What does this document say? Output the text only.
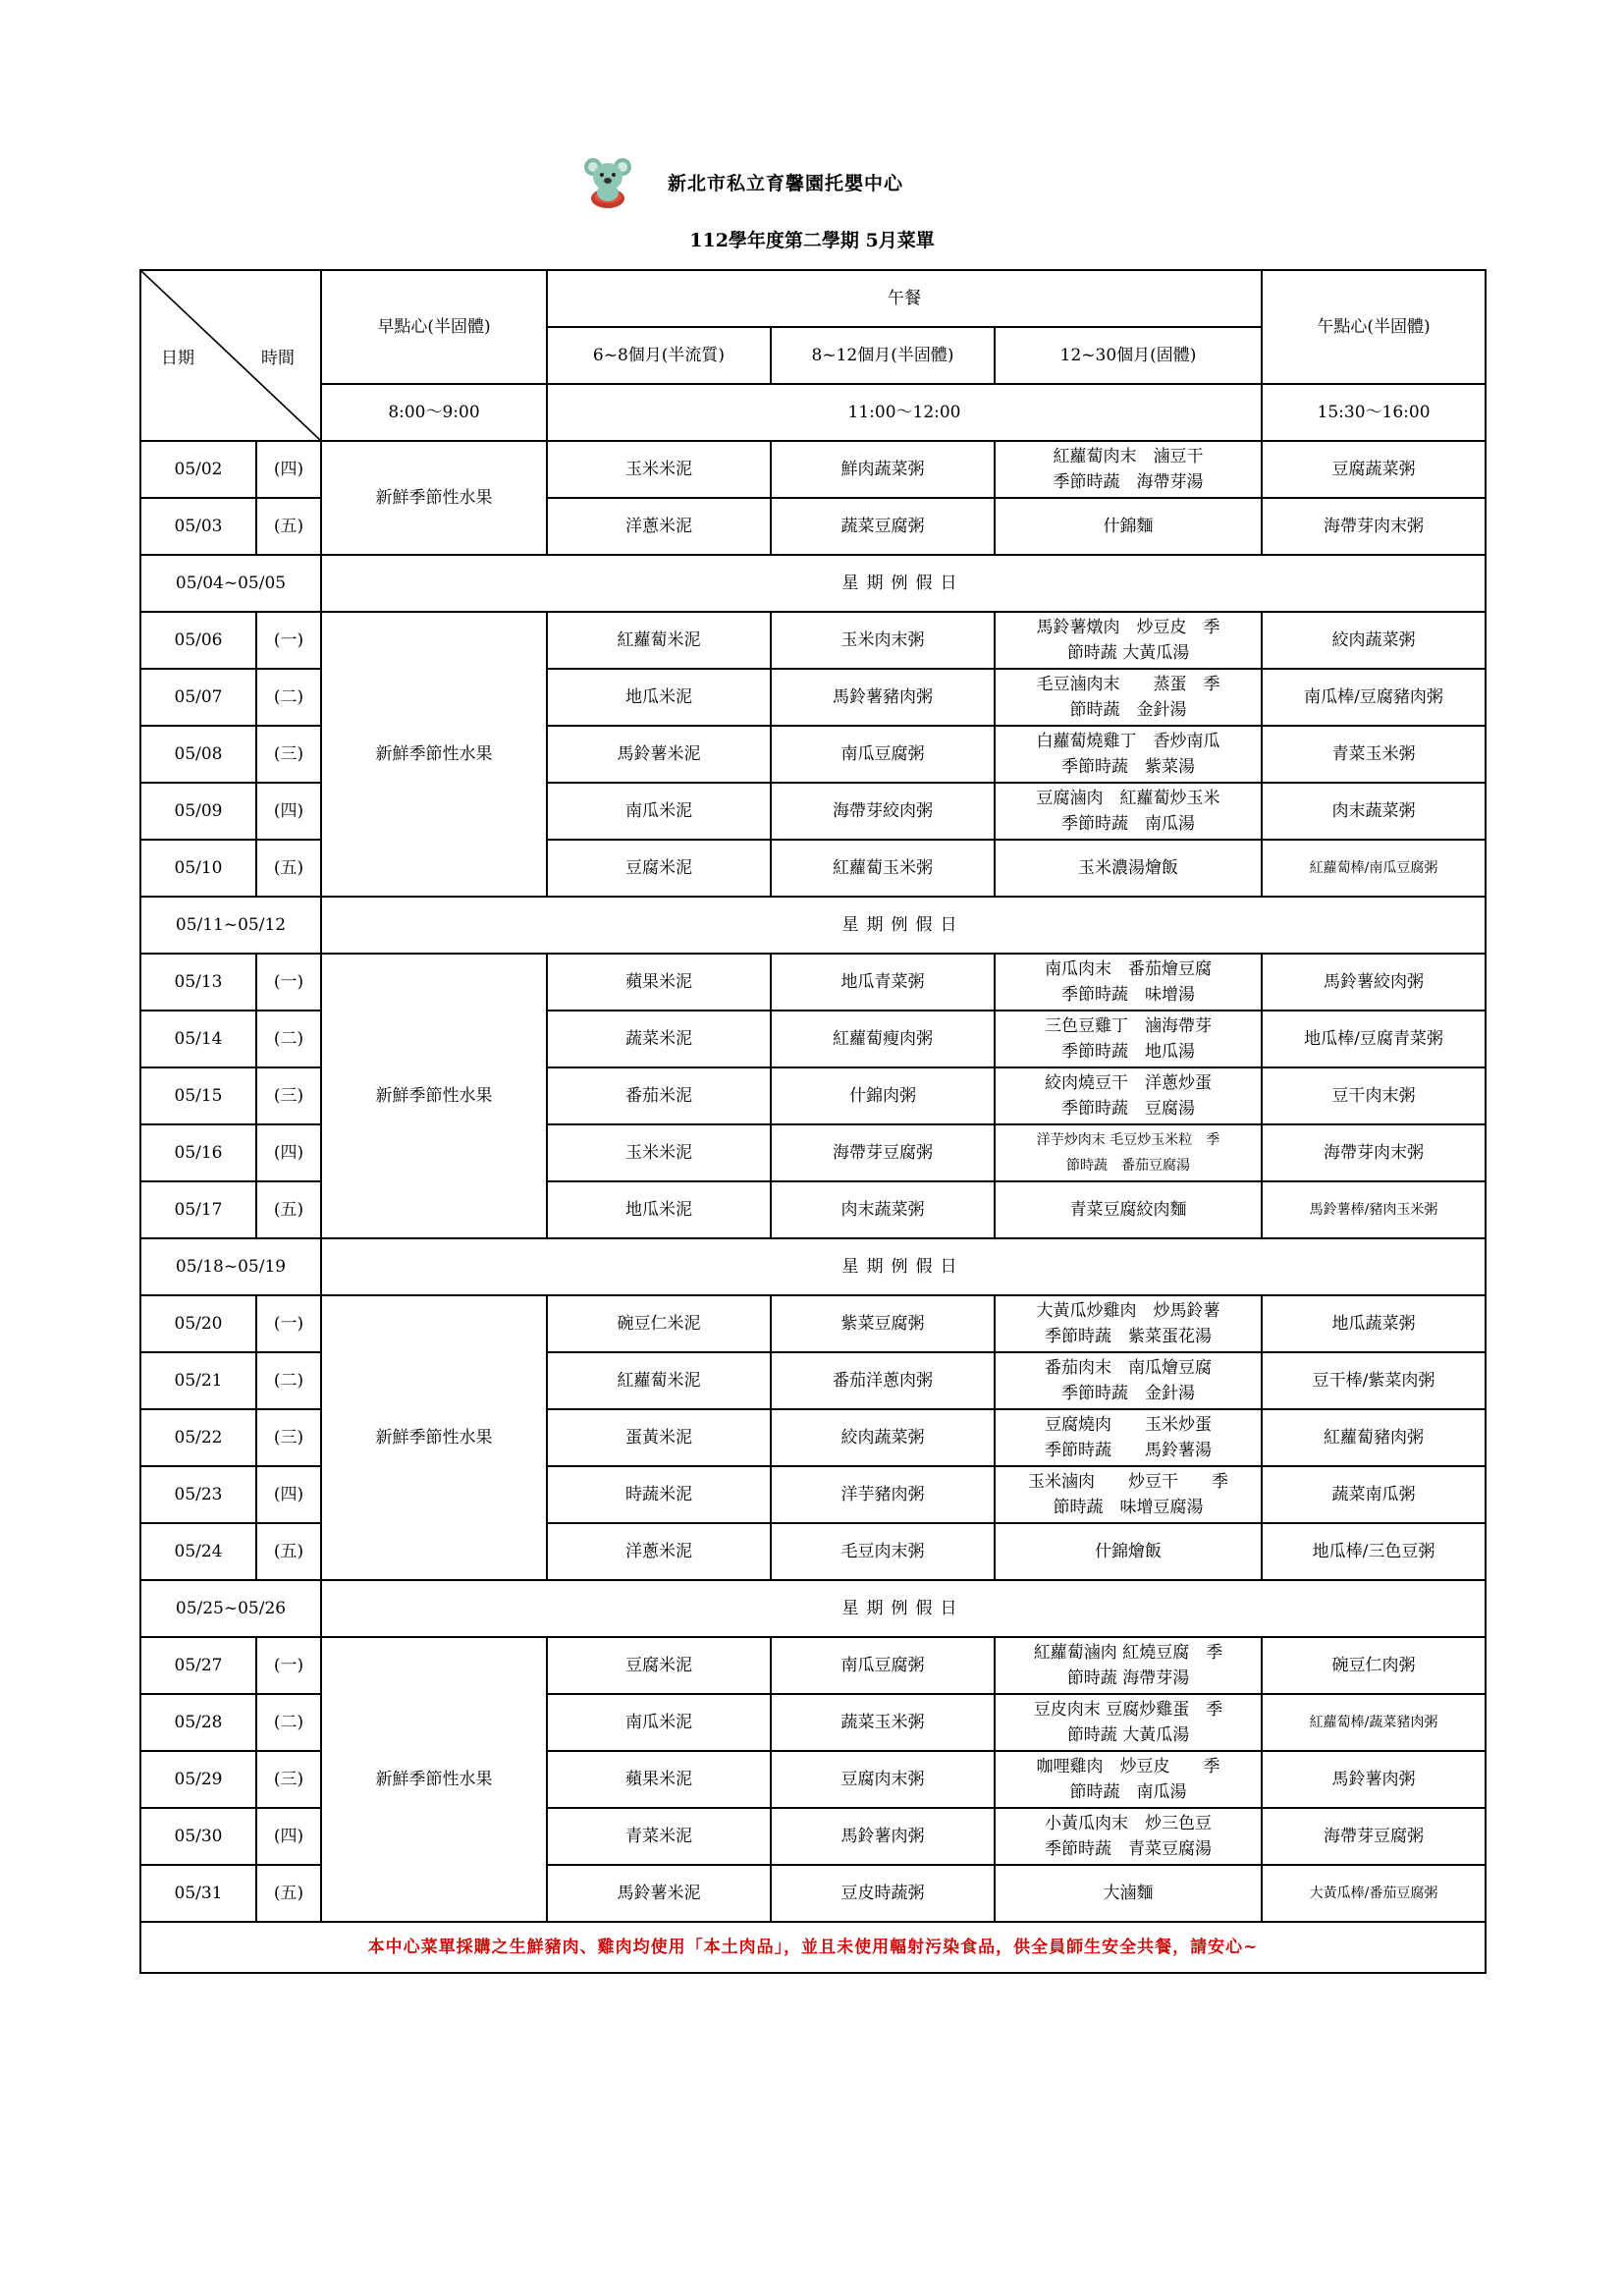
新北市私立育馨園托嬰中心
112學年度第二學期 5月菜單
日期 時間		早點心(半固體)	午餐			午點心(半固體)
			6~8個月(半流質)	8~12個月(半固體)	12~30個月(固體)	
		8:00～9:00	11:00～12:00			15:30～16:00
05/02	(四)	新鮮季節性水果	玉米米泥	鮮肉蔬菜粥	紅蘿蔔肉末　滷豆干
季節時蔬　海帶芽湯	豆腐蔬菜粥
05/03	(五)		洋蔥米泥	蔬菜豆腐粥	什錦麵	海帶芽肉末粥
05/04~05/05		星期例假日				
05/06	(一)	新鮮季節性水果	紅蘿蔔米泥	玉米肉末粥	馬鈴薯燉肉　炒豆皮　季
節時蔬 大黃瓜湯	絞肉蔬菜粥
05/07	(二)		地瓜米泥	馬鈴薯豬肉粥	毛豆滷肉末　　蒸蛋　季
節時蔬　金針湯	南瓜棒/豆腐豬肉粥
05/08	(三)		馬鈴薯米泥	南瓜豆腐粥	白蘿蔔燒雞丁　香炒南瓜
季節時蔬　紫菜湯	青菜玉米粥
05/09	(四)		南瓜米泥	海帶芽絞肉粥	豆腐滷肉　紅蘿蔔炒玉米
季節時蔬　南瓜湯	肉末蔬菜粥
05/10	(五)		豆腐米泥	紅蘿蔔玉米粥	玉米濃湯燴飯	紅蘿蔔棒/南瓜豆腐粥
05/11~05/12		星期例假日				
05/13	(一)	新鮮季節性水果	蘋果米泥	地瓜青菜粥	南瓜肉末　番茄燴豆腐
季節時蔬　味增湯	馬鈴薯絞肉粥
05/14	(二)		蔬菜米泥	紅蘿蔔瘦肉粥	三色豆雞丁　滷海帶芽
季節時蔬　地瓜湯	地瓜棒/豆腐青菜粥
05/15	(三)		番茄米泥	什錦肉粥	絞肉燒豆干　洋蔥炒蛋
季節時蔬　豆腐湯	豆干肉末粥
05/16	(四)		玉米米泥	海帶芽豆腐粥	洋芋炒肉末 毛豆炒玉米粒　季
節時蔬　番茄豆腐湯	海帶芽肉末粥
05/17	(五)		地瓜米泥	肉末蔬菜粥	青菜豆腐絞肉麵	馬鈴薯棒/豬肉玉米粥
05/18~05/19		星期例假日				
05/20	(一)	新鮮季節性水果	碗豆仁米泥	紫菜豆腐粥	大黃瓜炒雞肉　炒馬鈴薯
季節時蔬　紫菜蛋花湯	地瓜蔬菜粥
05/21	(二)		紅蘿蔔米泥	番茄洋蔥肉粥	番茄肉末　南瓜燴豆腐
季節時蔬　金針湯	豆干棒/紫菜肉粥
05/22	(三)		蛋黃米泥	絞肉蔬菜粥	豆腐燒肉　　玉米炒蛋
季節時蔬　　馬鈴薯湯	紅蘿蔔豬肉粥
05/23	(四)		時蔬米泥	洋芋豬肉粥	玉米滷肉　　炒豆干　　季
節時蔬　味增豆腐湯	蔬菜南瓜粥
05/24	(五)		洋蔥米泥	毛豆肉末粥	什錦燴飯	地瓜棒/三色豆粥
05/25~05/26		星期例假日				
05/27	(一)	新鮮季節性水果	豆腐米泥	南瓜豆腐粥	紅蘿蔔滷肉 紅燒豆腐　季
節時蔬 海帶芽湯	碗豆仁肉粥
05/28	(二)		南瓜米泥	蔬菜玉米粥	豆皮肉末 豆腐炒雞蛋　季
節時蔬 大黃瓜湯	紅蘿蔔棒/蔬菜豬肉粥
05/29	(三)		蘋果米泥	豆腐肉末粥	咖哩雞肉　炒豆皮　　季
節時蔬　南瓜湯	馬鈴薯肉粥
05/30	(四)		青菜米泥	馬鈴薯肉粥	小黃瓜肉末　炒三色豆
季節時蔬　青菜豆腐湯	海帶芽豆腐粥
05/31	(五)		馬鈴薯米泥	豆皮時蔬粥	大滷麵	大黃瓜棒/番茄豆腐粥
本中心菜單採購之生鮮豬肉、雞肉均使用「本土肉品」，並且未使用輻射污染食品，供全員師生安全共餐，請安心~						
